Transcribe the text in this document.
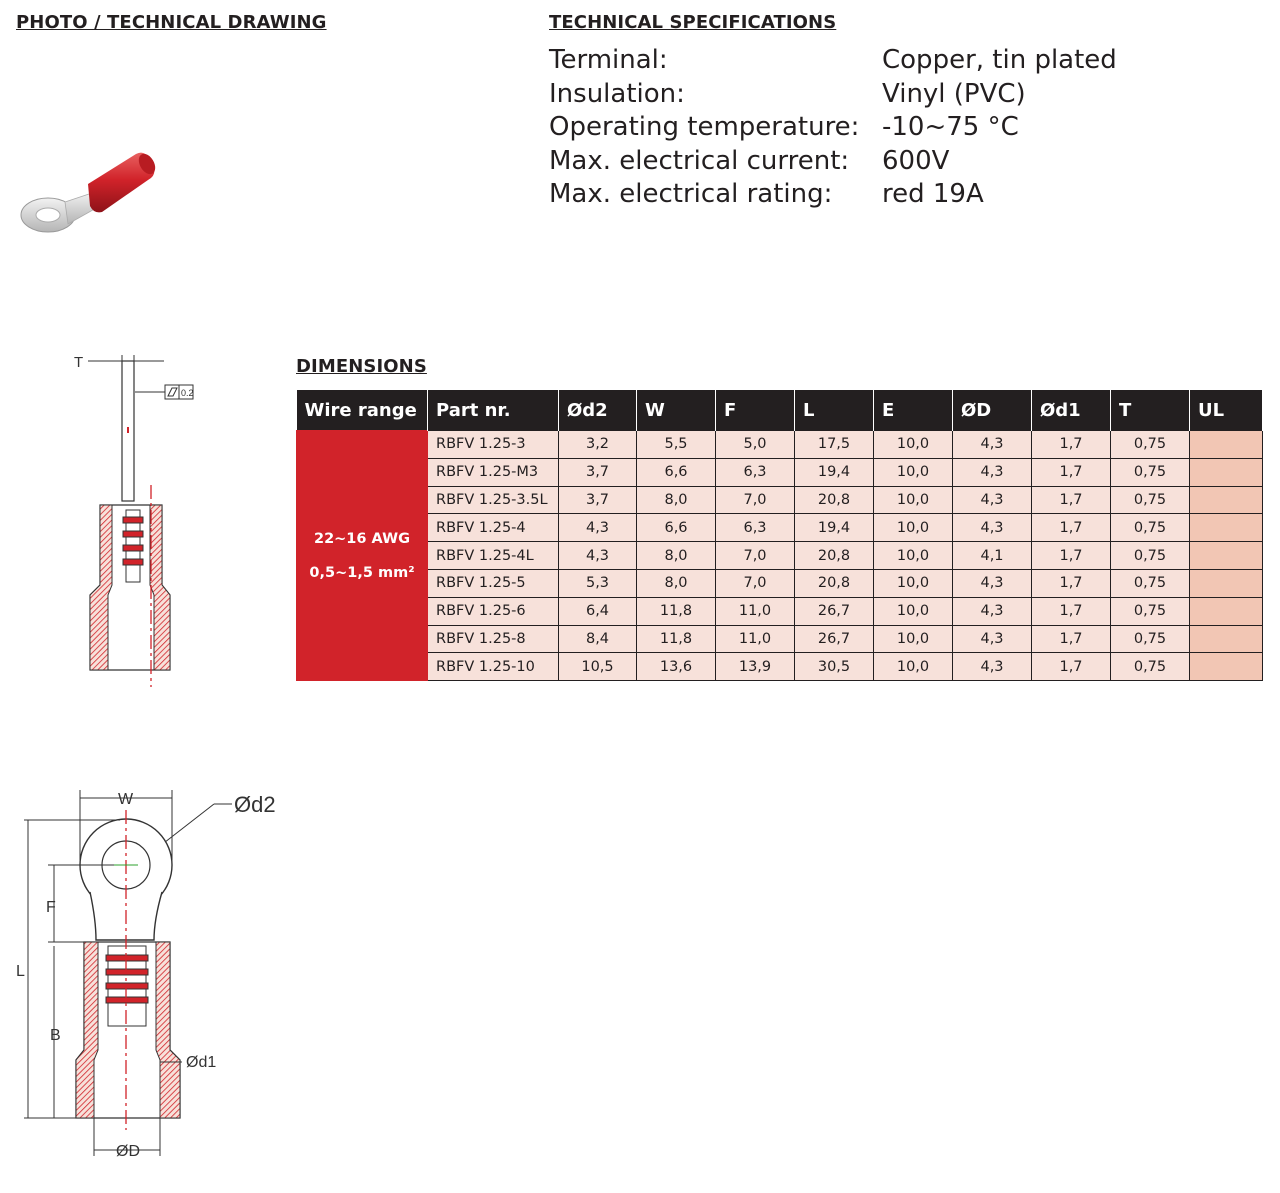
PHOTO / TECHNICAL DRAWING	TECHNICAL SPECIFICATIONS
Terminal:	Copper, tin plated
Insulation:	Vinyl (PVC)
Operating temperature: -10~75 °C
Max. electrical current:	600V
Max. electrical rating:	red 19A
T
0.2
W	Ød2
L
F
B
Ød1
ØD
DIMENSIONS
Wire range	Part nr.	Ød2	W	F	L	E	ØD	Ød1	T	UL

22~16 AWG
0,5~1,5 mm²	RBFV 1.25-3	3,2	5,5	5,0	17,5	10,0	4,3	1,7	0,75	
	RBFV 1.25-M3	3,7	6,6	6,3	19,4	10,0	4,3	1,7	0,75	
	RBFV 1.25-3.5L	3,7	8,0	7,0	20,8	10,0	4,3	1,7	0,75	
	RBFV 1.25-4	4,3	6,6	6,3	19,4	10,0	4,3	1,7	0,75	
	RBFV 1.25-4L	4,3	8,0	7,0	20,8	10,0	4,1	1,7	0,75	
	RBFV 1.25-5	5,3	8,0	7,0	20,8	10,0	4,3	1,7	0,75	
	RBFV 1.25-6	6,4	11,8	11,0	26,7	10,0	4,3	1,7	0,75	
	RBFV 1.25-8	8,4	11,8	11,0	26,7	10,0	4,3	1,7	0,75	
	RBFV 1.25-10	10,5	13,6	13,9	30,5	10,0	4,3	1,7	0,75	
